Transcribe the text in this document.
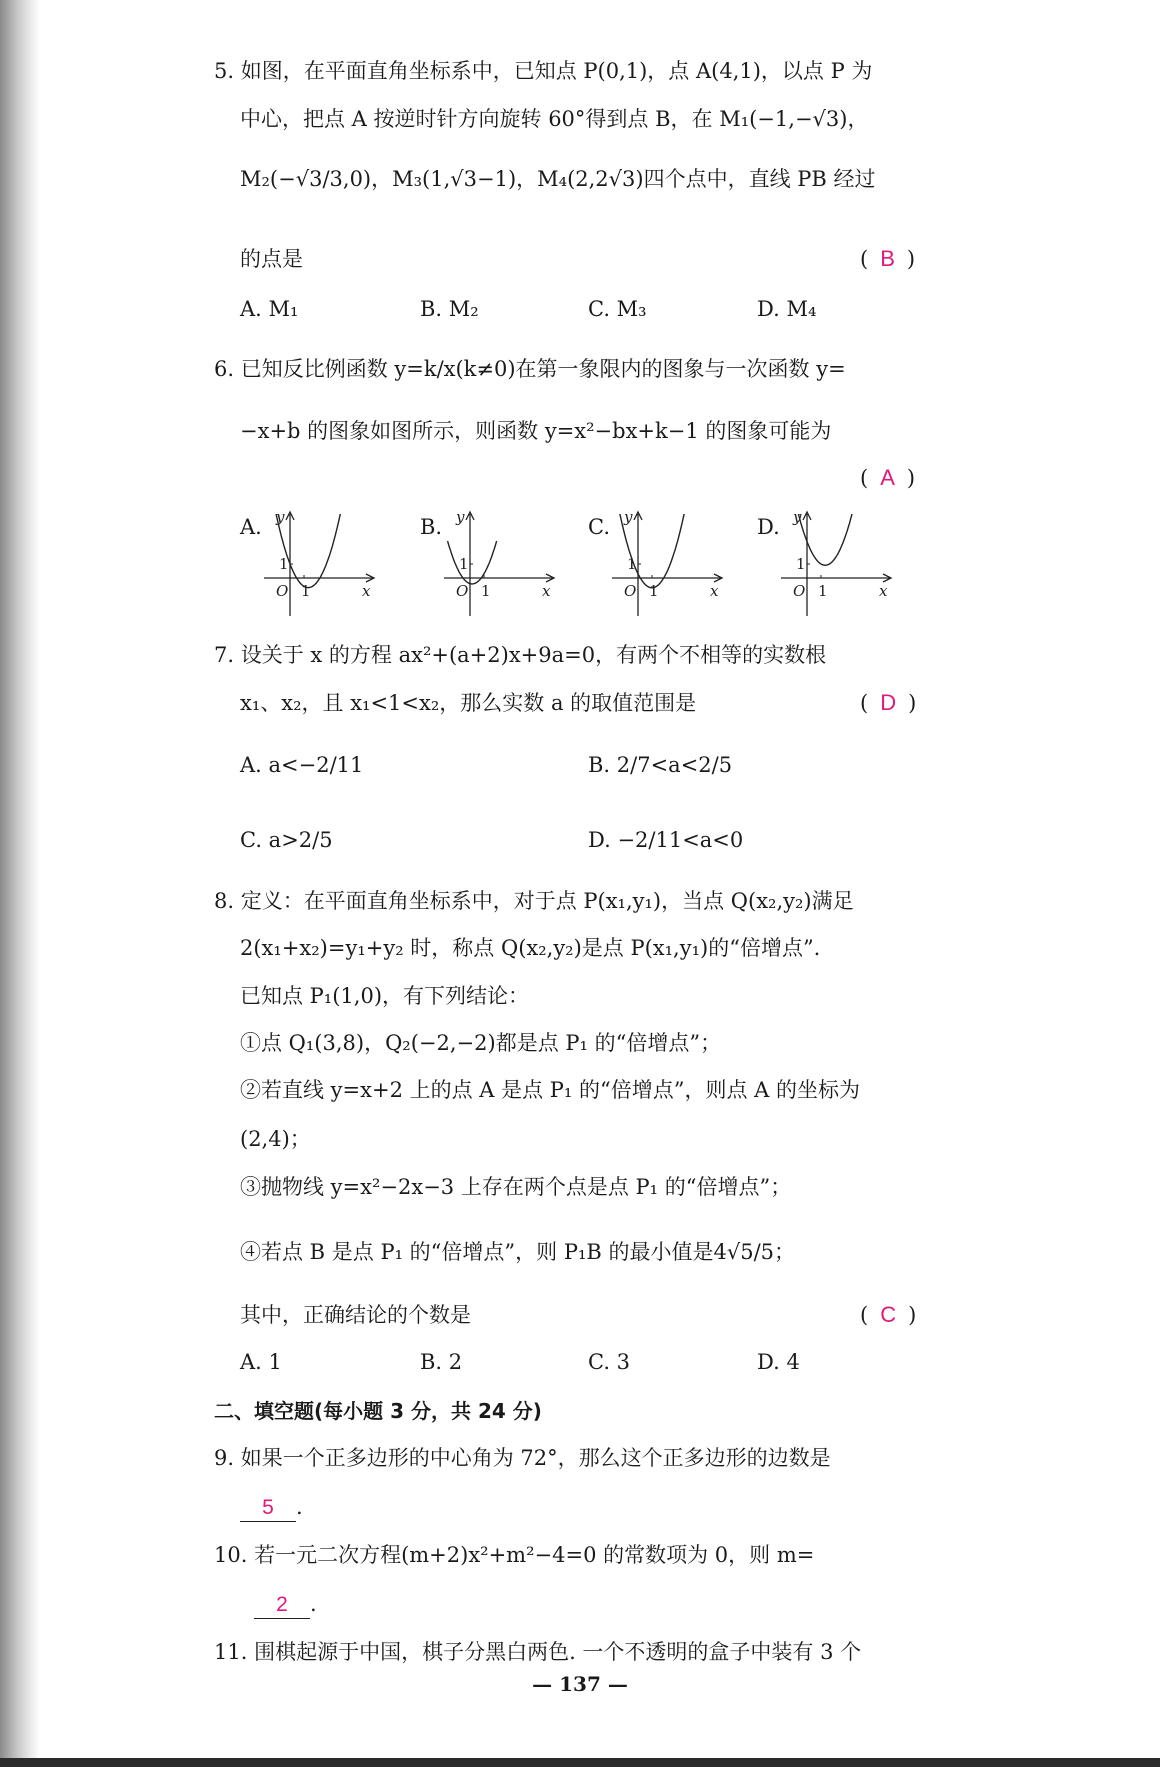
5. 如图，在平面直角坐标系中，已知点 P(0,1)，点 A(4,1)，以点 P 为
中心，把点 A 按逆时针方向旋转 60°得到点 B，在 M₁(−1,−√3)，
M₂(−√3/3,0)，M₃(1,√3−1)，M₄(2,2√3)四个点中，直线 PB 经过
的点是	( B )
A. M₁	B. M₂	C. M₃	D. M₄
6. 已知反比例函数 y=k/x(k≠0)在第一象限内的图象与一次函数 y=
−x+b 的图象如图所示，则函数 y=x²−bx+k−1 的图象可能为
( A )
A.	B.	C.	D.
y
x
O 1
1
y
x
O 1
1
y
x
O 1
1
y
x
O 1
1
7. 设关于 x 的方程 ax²+(a+2)x+9a=0，有两个不相等的实数根
x₁、x₂，且 x₁<1<x₂，那么实数 a 的取值范围是	( D )
A. a<−2/11	B. 2/7<a<2/5
C. a>2/5	D. −2/11<a<0
8. 定义：在平面直角坐标系中，对于点 P(x₁,y₁)，当点 Q(x₂,y₂)满足
2(x₁+x₂)=y₁+y₂ 时，称点 Q(x₂,y₂)是点 P(x₁,y₁)的“倍增点”.
已知点 P₁(1,0)，有下列结论：
①点 Q₁(3,8)，Q₂(−2,−2)都是点 P₁ 的“倍增点”；
②若直线 y=x+2 上的点 A 是点 P₁ 的“倍增点”，则点 A 的坐标为
(2,4)；
③抛物线 y=x²−2x−3 上存在两个点是点 P₁ 的“倍增点”；
④若点 B 是点 P₁ 的“倍增点”，则 P₁B 的最小值是4√5/5；
其中，正确结论的个数是	( C )
A. 1	B. 2	C. 3	D. 4
二、填空题(每小题 3 分，共 24 分)
9. 如果一个正多边形的中心角为 72°，那么这个正多边形的边数是
5 .
10. 若一元二次方程(m+2)x²+m²−4=0 的常数项为 0，则 m=
2 .
11. 围棋起源于中国，棋子分黑白两色. 一个不透明的盒子中装有 3 个
— 137 —
